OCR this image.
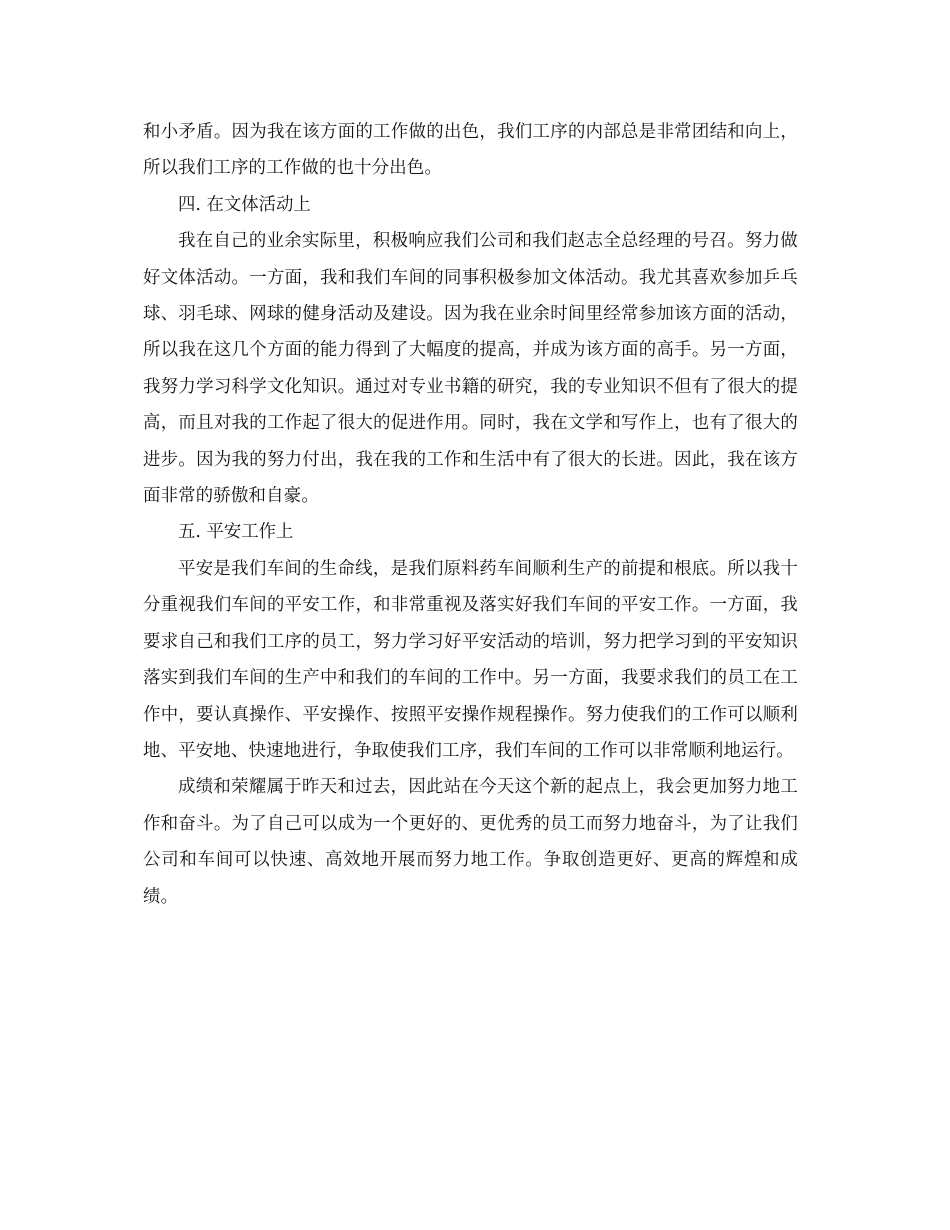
和小矛盾。因为我在该方面的工作做的出色，我们工序的内部总是非常团结和向上，所以我们工序的工作做的也十分出色。

四. 在文体活动上

我在自己的业余实际里，积极响应我们公司和我们赵志全总经理的号召。努力做好文体活动。一方面，我和我们车间的同事积极参加文体活动。我尤其喜欢参加乒乓球、羽毛球、网球的健身活动及建设。因为我在业余时间里经常参加该方面的活动，所以我在这几个方面的能力得到了大幅度的提高，并成为该方面的高手。另一方面，我努力学习科学文化知识。通过对专业书籍的研究，我的专业知识不但有了很大的提高，而且对我的工作起了很大的促进作用。同时，我在文学和写作上，也有了很大的进步。因为我的努力付出，我在我的工作和生活中有了很大的长进。因此，我在该方面非常的骄傲和自豪。

五. 平安工作上

平安是我们车间的生命线，是我们原料药车间顺利生产的前提和根底。所以我十分重视我们车间的平安工作，和非常重视及落实好我们车间的平安工作。一方面，我要求自己和我们工序的员工，努力学习好平安活动的培训，努力把学习到的平安知识落实到我们车间的生产中和我们的车间的工作中。另一方面，我要求我们的员工在工作中，要认真操作、平安操作、按照平安操作规程操作。努力使我们的工作可以顺利地、平安地、快速地进行，争取使我们工序，我们车间的工作可以非常顺利地运行。

成绩和荣耀属于昨天和过去，因此站在今天这个新的起点上，我会更加努力地工作和奋斗。为了自己可以成为一个更好的、更优秀的员工而努力地奋斗，为了让我们公司和车间可以快速、高效地开展而努力地工作。争取创造更好、更高的辉煌和成绩。
